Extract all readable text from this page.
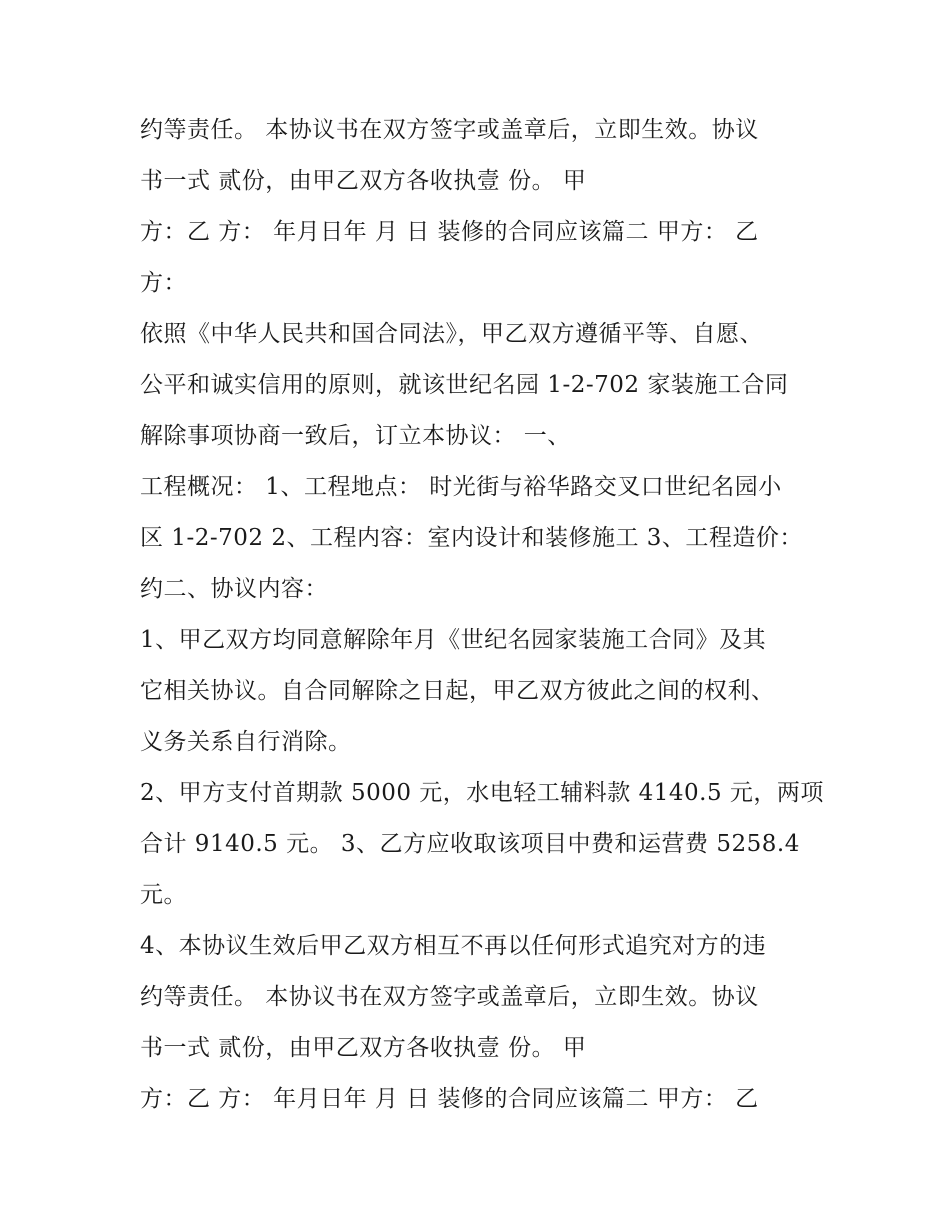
约等责任。 本协议书在双方签字或盖章后，立即生效。协议
书一式 贰份，由甲乙双方各收执壹 份。 甲
方：乙 方： 年月日年 月 日 装修的合同应该篇二 甲方： 乙
方：
依照《中华人民共和国合同法》，甲乙双方遵循平等、自愿、
公平和诚实信用的原则，就该世纪名园 1-2-702 家装施工合同
解除事项协商一致后，订立本协议： 一、
工程概况： 1、工程地点： 时光街与裕华路交叉口世纪名园小
区 1-2-702 2、工程内容：室内设计和装修施工 3、工程造价：
约二、协议内容：
1、甲乙双方均同意解除年月《世纪名园家装施工合同》及其
它相关协议。自合同解除之日起，甲乙双方彼此之间的权利、
义务关系自行消除。
2、甲方支付首期款 5000 元，水电轻工辅料款 4140.5 元，两项
合计 9140.5 元。 3、乙方应收取该项目中费和运营费 5258.4
元。
4、本协议生效后甲乙双方相互不再以任何形式追究对方的违
约等责任。 本协议书在双方签字或盖章后，立即生效。协议
书一式 贰份，由甲乙双方各收执壹 份。 甲
方：乙 方： 年月日年 月 日 装修的合同应该篇二 甲方： 乙
